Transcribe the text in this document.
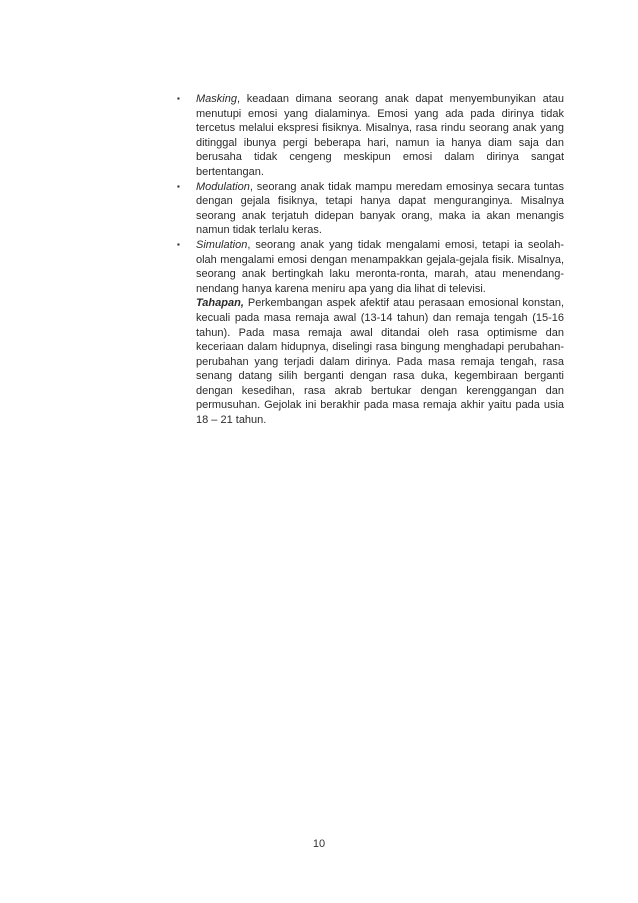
▪	Masking, keadaan dimana seorang anak dapat menyembunyikan atau menutupi emosi yang dialaminya. Emosi yang ada pada dirinya tidak tercetus melalui ekspresi fisiknya. Misalnya, rasa rindu seorang anak yang ditinggal ibunya pergi beberapa hari, namun ia hanya diam saja dan berusaha tidak cengeng meskipun emosi dalam dirinya sangat bertentangan.
▪	Modulation, seorang anak tidak mampu meredam emosinya secara tuntas dengan gejala fisiknya, tetapi hanya dapat menguranginya. Misalnya seorang anak terjatuh didepan banyak orang, maka ia akan menangis namun tidak terlalu keras.
▪	Simulation, seorang anak yang tidak mengalami emosi, tetapi ia seolah-olah mengalami emosi dengan menampakkan gejala-gejala fisik. Misalnya, seorang anak bertingkah laku meronta-ronta, marah, atau menendang-nendang hanya karena meniru apa yang dia lihat di televisi.
Tahapan, Perkembangan aspek afektif atau perasaan emosional konstan, kecuali pada masa remaja awal (13-14 tahun) dan remaja tengah (15-16 tahun). Pada masa remaja awal ditandai oleh rasa optimisme dan keceriaan dalam hidupnya, diselingi rasa bingung menghadapi perubahan-perubahan yang terjadi dalam dirinya. Pada masa remaja tengah, rasa senang datang silih berganti dengan rasa duka, kegembiraan berganti dengan kesedihan, rasa akrab bertukar dengan kerenggangan dan permusuhan. Gejolak ini berakhir pada masa remaja akhir yaitu pada usia 18 – 21 tahun.
10
